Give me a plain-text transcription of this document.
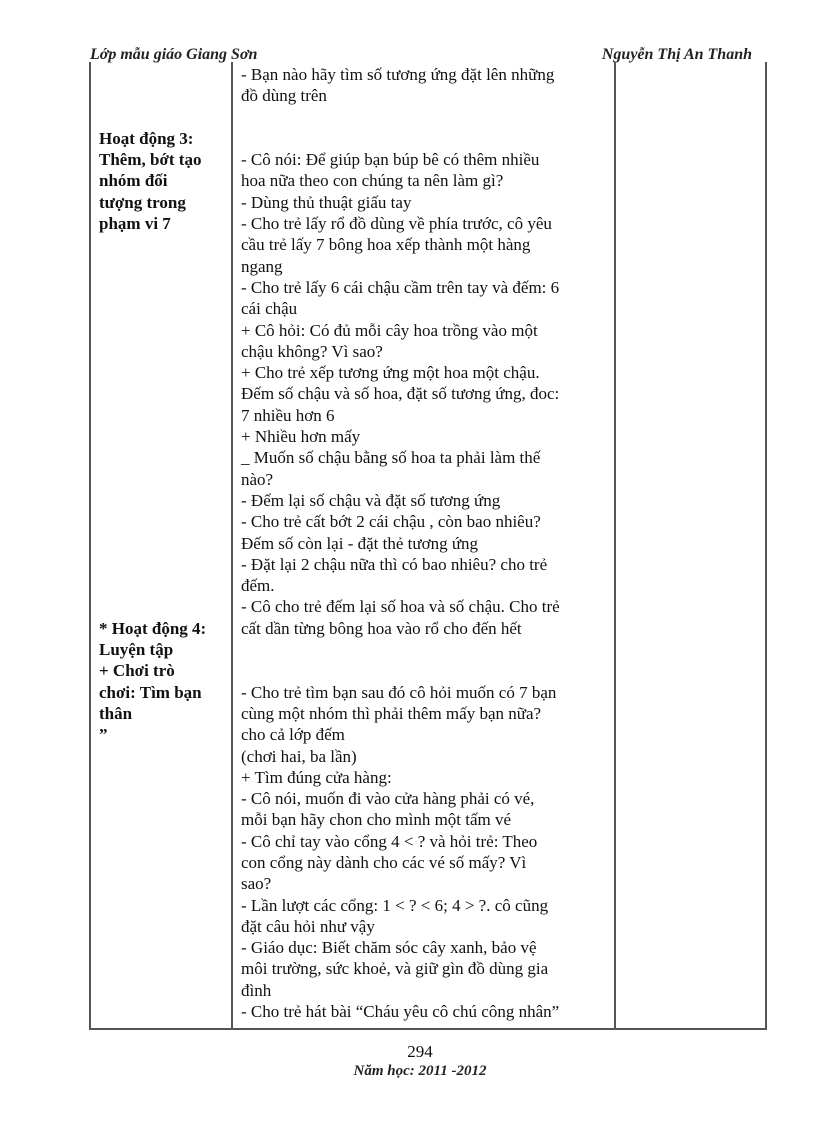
Lớp mẫu giáo Giang Sơn	Nguyễn Thị An Thanh
Hoạt động 3:
Thêm, bớt tạo
nhóm đối
tượng trong
phạm vi 7
* Hoạt động 4:
Luyện tập
+ Chơi trò
chơi: Tìm bạn
thân
”
- Bạn nào hãy tìm số tương ứng đặt lên những
đồ dùng trên
- Cô nói: Để giúp bạn búp bê có thêm nhiều
hoa nữa theo con chúng ta nên làm gì?
- Dùng thủ thuật giấu tay
- Cho trẻ lấy rổ đồ dùng về phía trước, cô yêu
cầu trẻ lấy 7 bông hoa xếp thành một hàng
ngang
- Cho trẻ lấy 6 cái chậu cầm trên tay và đếm: 6
cái chậu
+ Cô hỏi: Có đủ mỗi cây hoa trồng vào một
chậu không? Vì sao?
+ Cho trẻ xếp tương ứng một hoa một chậu.
Đếm số chậu và số hoa, đặt số tương ứng, đoc:
7 nhiều hơn 6
+ Nhiều hơn mấy
_ Muốn số chậu bằng số hoa ta phải làm thế
nào?
- Đếm lại số chậu và đặt số tương ứng
- Cho trẻ cất bớt 2 cái chậu , còn bao nhiêu?
Đếm số còn lại - đặt thẻ tương ứng
- Đặt lại 2 chậu nữa thì có bao nhiêu? cho trẻ
đếm.
- Cô cho trẻ đếm lại số hoa và số chậu. Cho trẻ
cất dần từng bông hoa vào rổ cho đến hết
- Cho trẻ tìm bạn sau đó cô hỏi muốn có 7 bạn
cùng một nhóm thì phải thêm mấy bạn nữa?
cho cả lớp đếm
(chơi hai, ba lần)
+ Tìm đúng cửa hàng:
- Cô nói, muốn đi vào cửa hàng phải có vé,
mỗi bạn hãy chon cho mình một tấm vé
- Cô chỉ tay vào cổng 4 < ? và hỏi trẻ: Theo
con cổng này dành cho các vé số mấy? Vì
sao?
- Lần lượt các cổng: 1 < ? < 6; 4 > ?. cô cũng
đặt câu hỏi như vậy
- Giáo dục: Biết chăm sóc cây xanh, bảo vệ
môi trường, sức khoẻ, và giữ gìn đồ dùng gia
đình
- Cho trẻ hát bài “Cháu yêu cô chú công nhân”
294
Năm học: 2011 -2012
